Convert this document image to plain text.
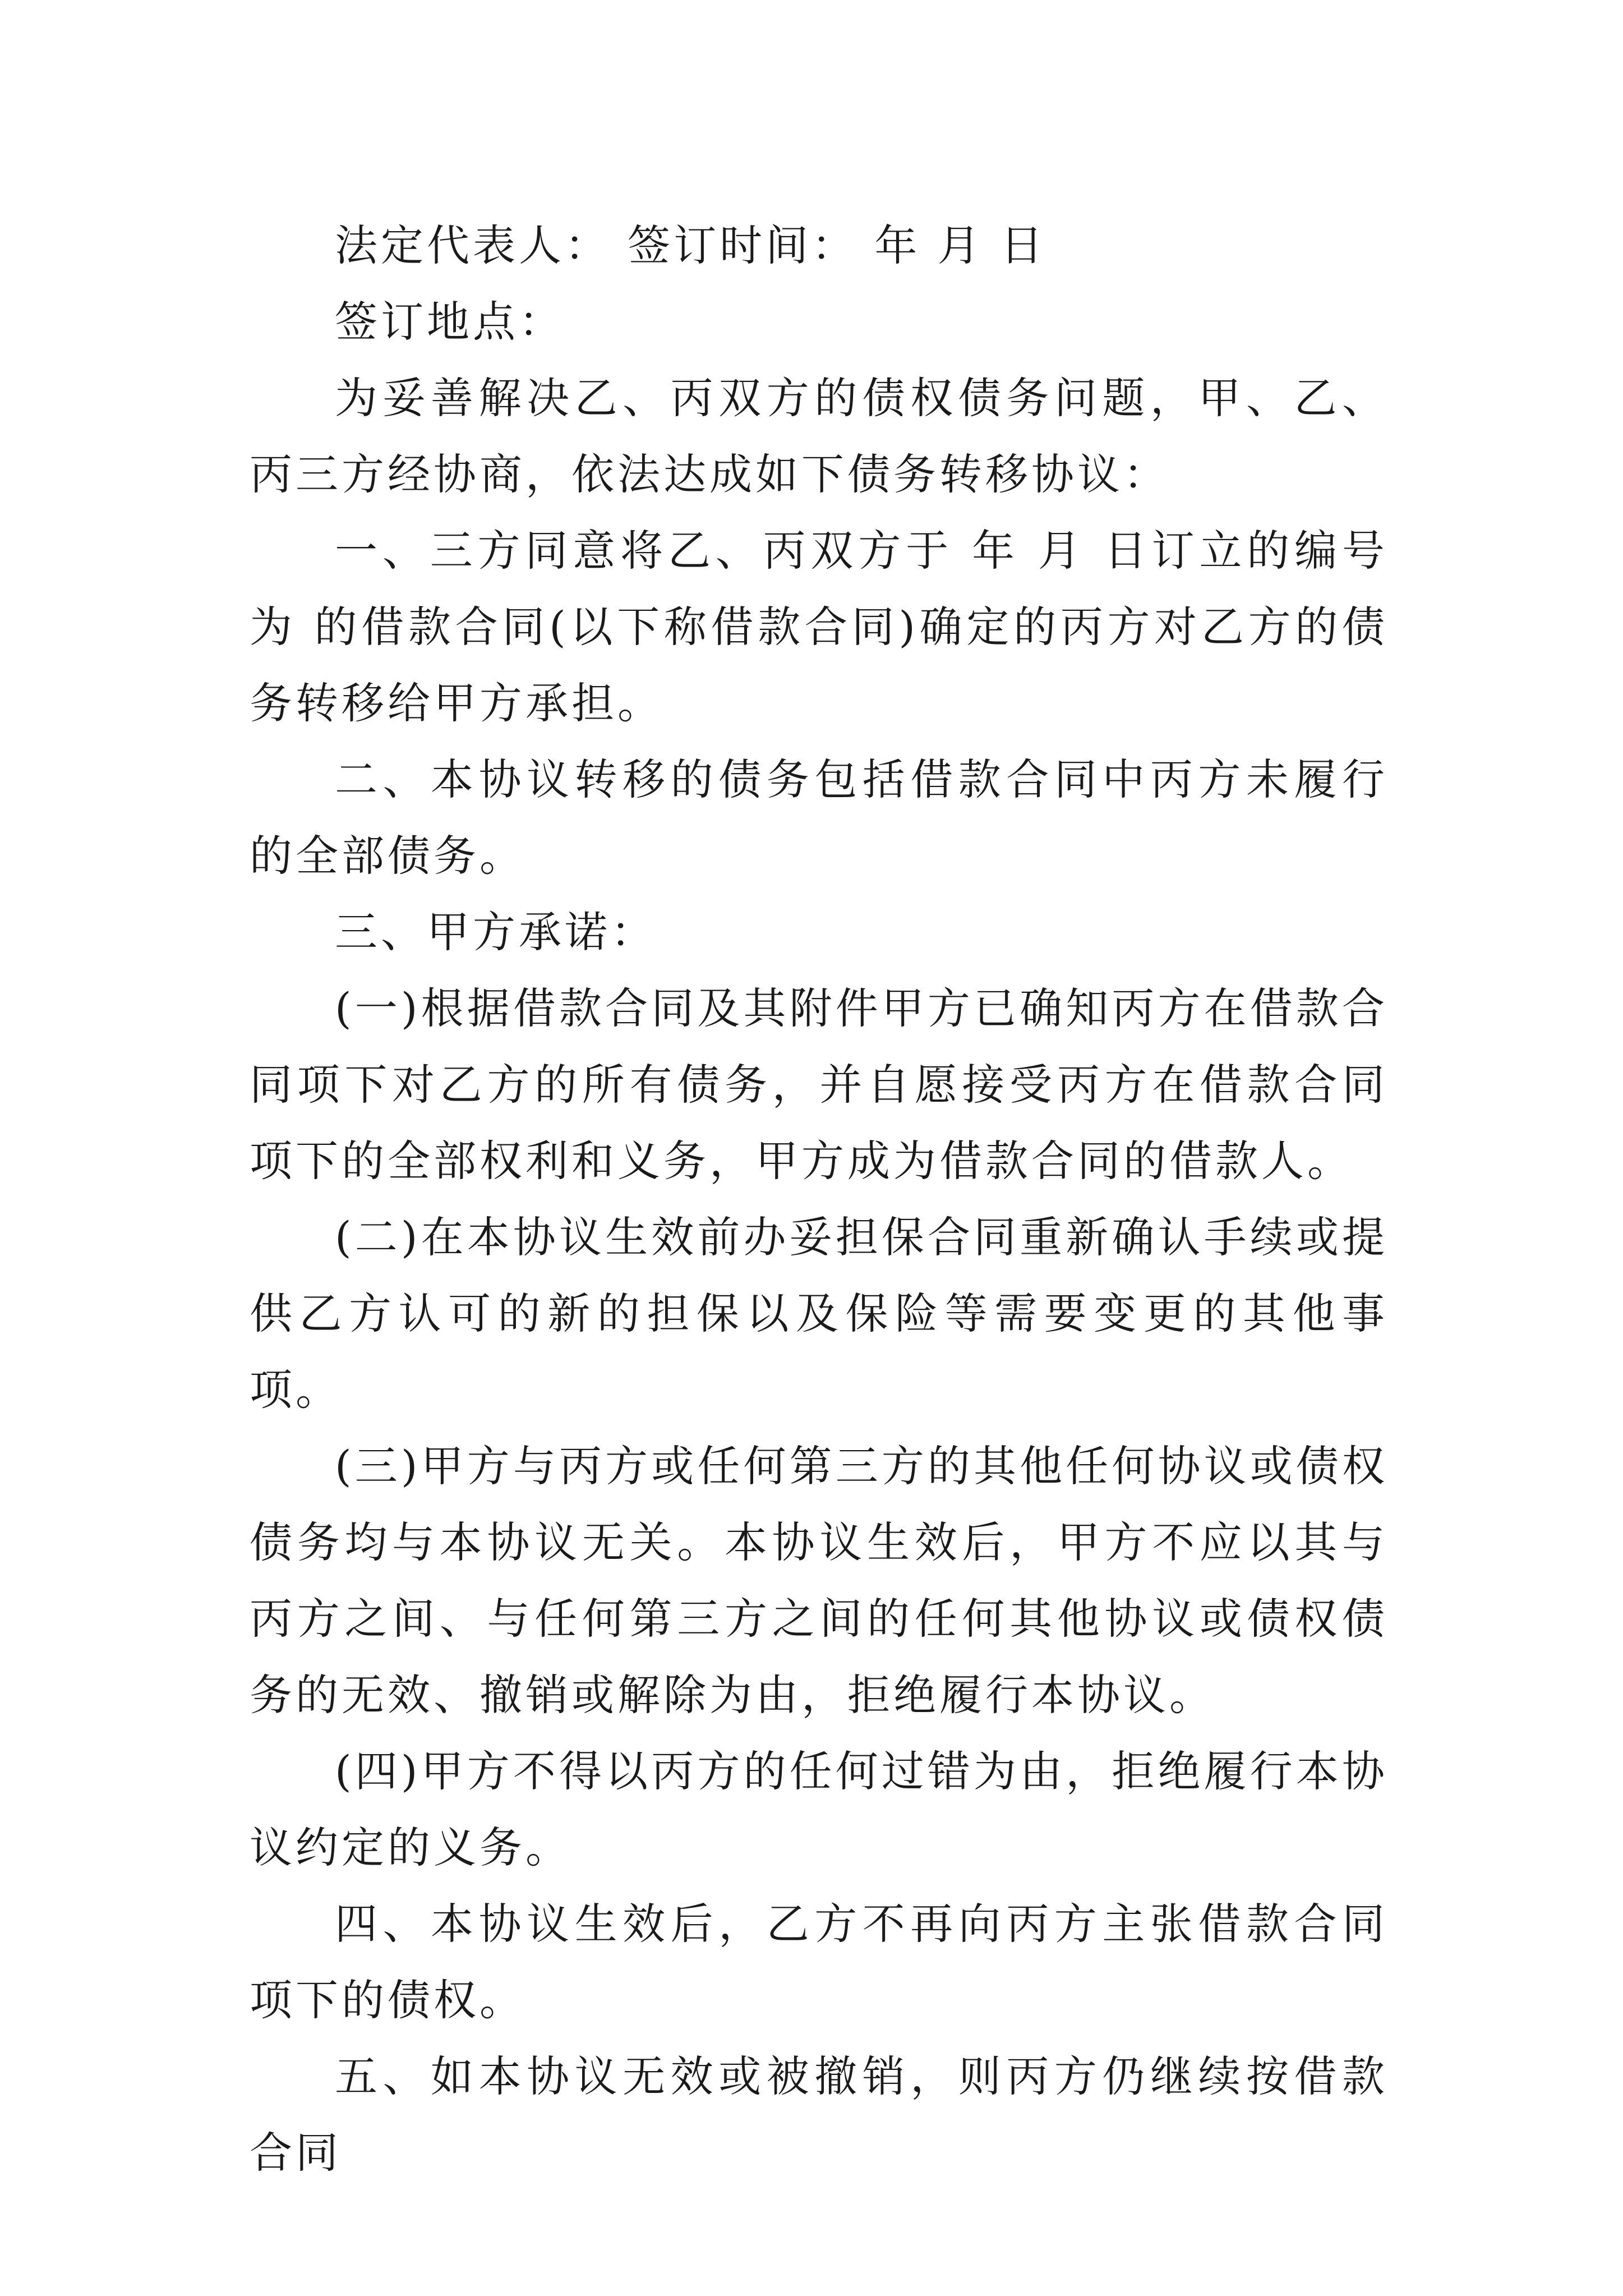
法定代表人： 签订时间： 年 月 日

签订地点：

为妥善解决乙、丙双方的债权债务问题，甲、乙、丙三方经协商，依法达成如下债务转移协议：

一、三方同意将乙、丙双方于 年 月 日订立的编号为 的借款合同(以下称借款合同)确定的丙方对乙方的债务转移给甲方承担。

二、本协议转移的债务包括借款合同中丙方未履行的全部债务。

三、甲方承诺：

(一)根据借款合同及其附件甲方已确知丙方在借款合同项下对乙方的所有债务，并自愿接受丙方在借款合同项下的全部权利和义务，甲方成为借款合同的借款人。

(二)在本协议生效前办妥担保合同重新确认手续或提供乙方认可的新的担保以及保险等需要变更的其他事项。

(三)甲方与丙方或任何第三方的其他任何协议或债权债务均与本协议无关。本协议生效后，甲方不应以其与丙方之间、与任何第三方之间的任何其他协议或债权债务的无效、撤销或解除为由，拒绝履行本协议。

(四)甲方不得以丙方的任何过错为由，拒绝履行本协议约定的义务。

四、本协议生效后，乙方不再向丙方主张借款合同项下的债权。

五、如本协议无效或被撤销，则丙方仍继续按借款合同
